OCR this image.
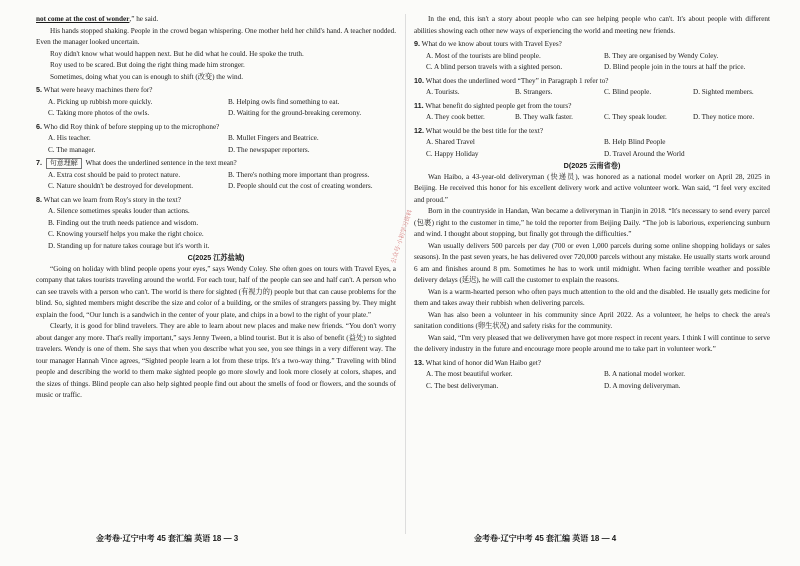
not come at the cost of wonder,” he said.

His hands stopped shaking. People in the crowd began whispering. One mother held her child's hand. A teacher nodded. Even the manager looked uncertain.

Roy didn't know what would happen next. But he did what he could. He spoke the truth.

Roy used to be scared. But doing the right thing made him stronger.

Sometimes, doing what you can is enough to shift (改变) the wind.

5. What were heavy machines there for?

A. Picking up rubbish more quickly.	B. Helping owls find something to eat.
C. Taking more photos of the owls.	D. Waiting for the ground-breaking ceremony.

6. Who did Roy think of before stepping up to the microphone?

A. His teacher.	B. Mullet Fingers and Beatrice.
C. The manager.	D. The newspaper reporters.

7. 句意理解 What does the underlined sentence in the text mean?

A. Extra cost should be paid to protect nature.	B. There's nothing more important than progress.
C. Nature shouldn't be destroyed for development.	D. People should cut the cost of creating wonders.

8. What can we learn from Roy's story in the text?

A. Silence sometimes speaks louder than actions.

B. Finding out the truth needs patience and wisdom.

C. Knowing yourself helps you make the right choice.

D. Standing up for nature takes courage but it's worth it.

C(2025 江苏盐城)

“Going on holiday with blind people opens your eyes,” says Wendy Coley. She often goes on tours with Travel Eyes, a company that takes tourists traveling around the world. For each tour, half of the people can see and half can't. A person who can see travels with a person who can't. The world is there for sighted (有视力的) people but that can cause problems for the blind. So, sighted members might describe the size and color of a building, or the smiles of strangers passing by. They might explain the food, “Our lunch is a sandwich in the center of your plate, and chips in a bowl to the right of your plate.”

Clearly, it is good for blind travelers. They are able to learn about new places and make new friends. “You don't worry about danger any more. That's really important,” says Jenny Tween, a blind tourist. But it is also of benefit (益处) to sighted travelers. Wendy is one of them. She says that when you describe what you see, you see things in a very different way. The tour manager Hannah Vince agrees, “Sighted people learn a lot from these trips. It's a two-way thing.” Traveling with blind people and describing the world to them make sighted people go more slowly and look more closely at colors, shapes, and the sizes of things. Blind people can also help sighted people find out about the smells of food or flowers, and the sounds of music or traffic.

金考卷·辽宁中考 45 套汇编 英语 18 — 3

In the end, this isn't a story about people who can see helping people who can't. It's about people with different abilities showing each other new ways of experiencing the world and meeting new friends.

9. What do we know about tours with Travel Eyes?

A. Most of the tourists are blind people.	B. They are organised by Wendy Coley.
C. A blind person travels with a sighted person.	D. Blind people join in the tours at half the price.

10. What does the underlined word “They” in Paragraph 1 refer to?

A. Tourists.	B. Strangers.	C. Blind people.	D. Sighted members.

11. What benefit do sighted people get from the tours?

A. They cook better.	B. They walk faster.	C. They speak louder.	D. They notice more.

12. What would be the best title for the text?

A. Shared Travel	B. Help Blind People
C. Happy Holiday	D. Travel Around the World

D(2025 云南省卷)

Wan Haibo, a 43-year-old deliveryman (快递员), was honored as a national model worker on April 28, 2025 in Beijing. He received this honor for his excellent delivery work and active volunteer work. Wan said, “I feel very excited and proud.”

Born in the countryside in Handan, Wan became a deliveryman in Tianjin in 2018. “It's necessary to send every parcel (包裹) right to the customer in time,” he told the reporter from Beijing Daily. “The job is laborious, experiencing sunburn and wind. I thought about stopping, but finally got through the difficulties.”

Wan usually delivers 500 parcels per day (700 or even 1,000 parcels during some online shopping holidays or sales seasons). In the past seven years, he has delivered over 720,000 parcels without any mistake. He usually starts work around 6 am and finishes around 8 pm. Sometimes he has to work until midnight. When facing terrible weather and possible delivery delays (延迟), he will call the customer to explain the reasons.

Wan is a warm-hearted person who often pays much attention to the old and the disabled. He usually gets medicine for them and takes away their rubbish when delivering parcels.

Wan has also been a volunteer in his community since April 2022. As a volunteer, he helps to check the area's sanitation conditions (卵生状况) and safety risks for the community.

Wan said, “I'm very pleased that we deliverymen have got more respect in recent years. I think I will continue to serve the delivery industry in the future and encourage more people around me to take part in volunteer work.”

13. What kind of honor did Wan Haibo get?

A. The most beautiful worker.	B. A national model worker.
C. The best deliveryman.	D. A moving deliveryman.
金考卷·辽宁中考 45 套汇编 英语 18 — 4
公众号·小初学习资料
